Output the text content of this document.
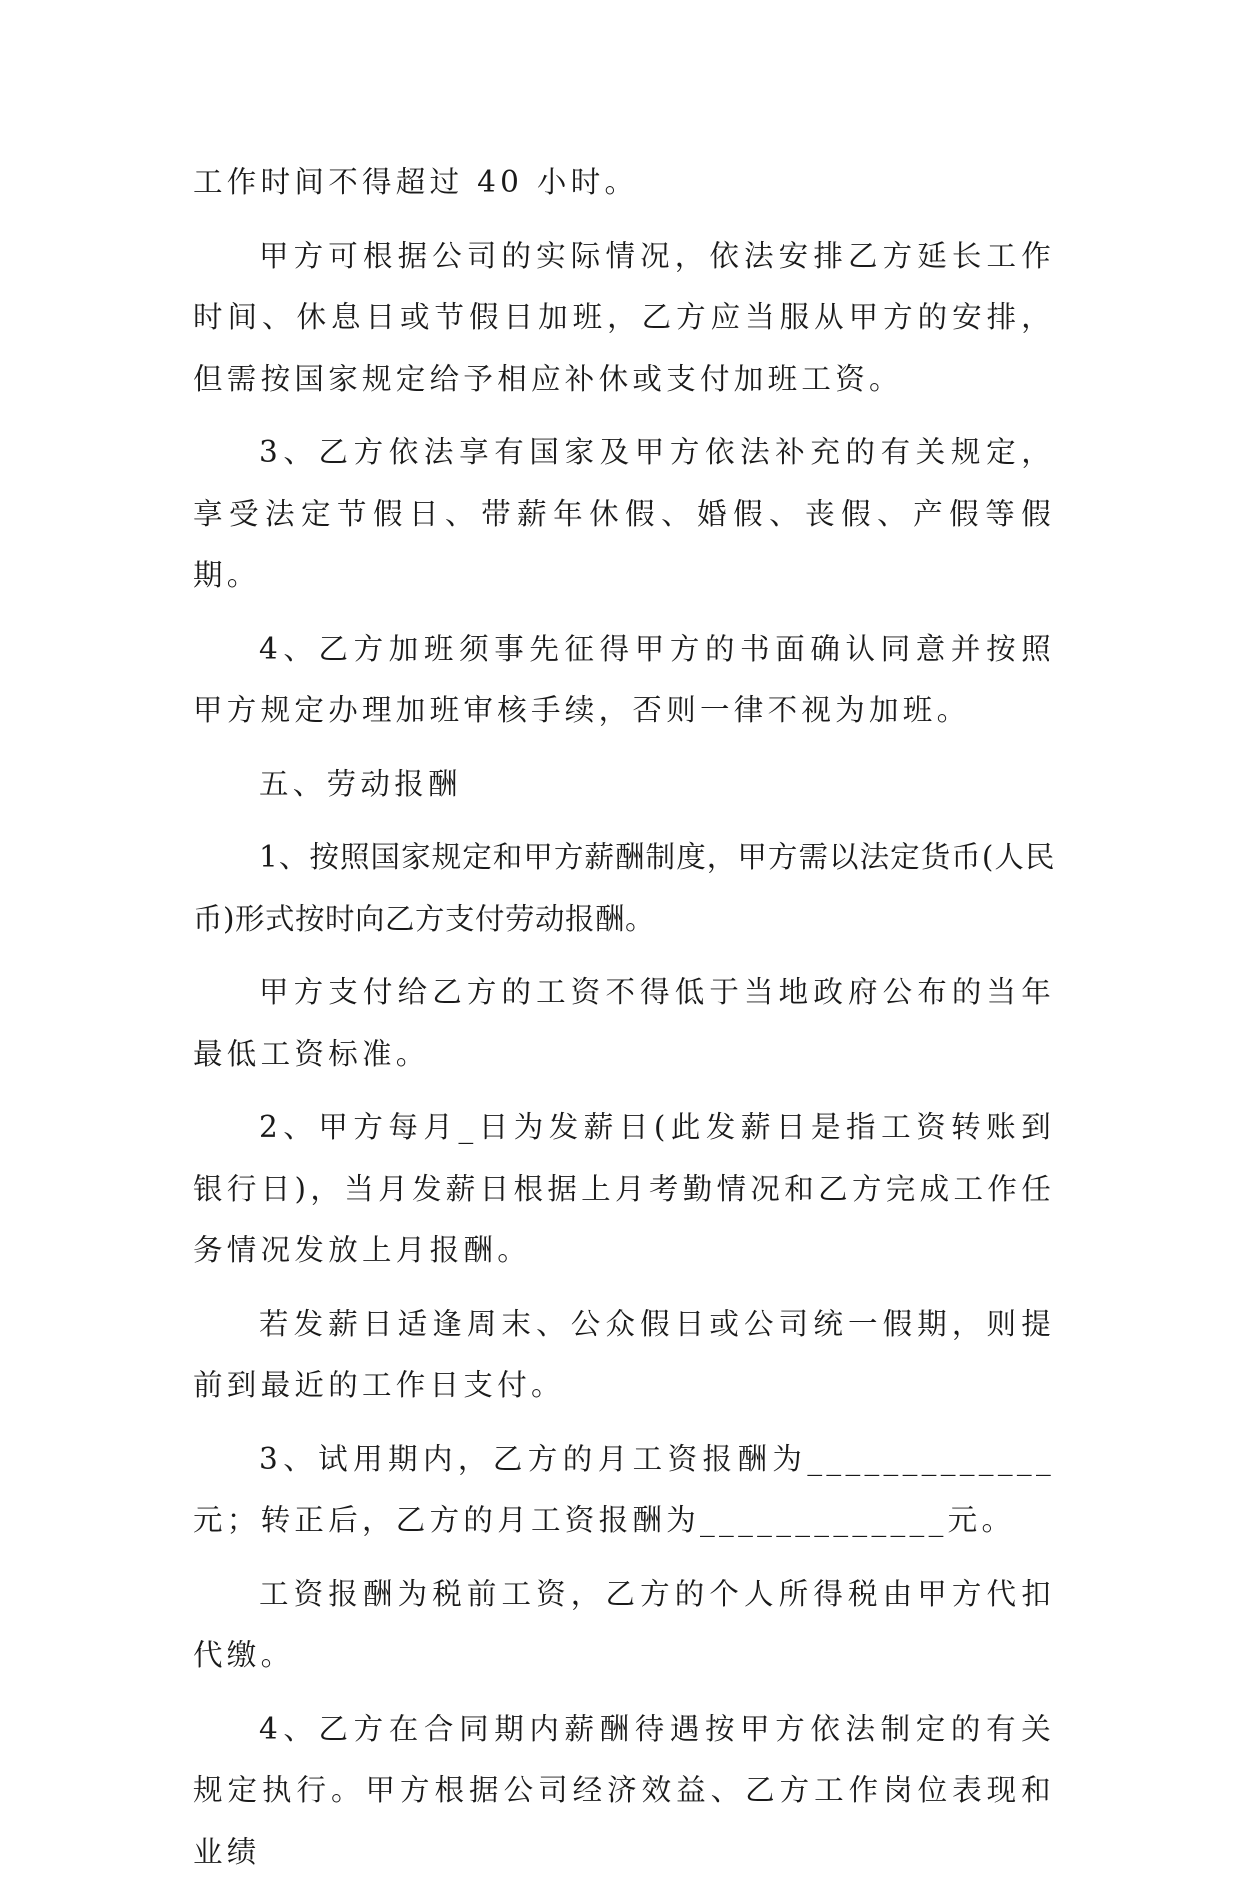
工作时间不得超过 40 小时。

甲方可根据公司的实际情况，依法安排乙方延长工作时间、休息日或节假日加班，乙方应当服从甲方的安排，但需按国家规定给予相应补休或支付加班工资。

3、乙方依法享有国家及甲方依法补充的有关规定，享受法定节假日、带薪年休假、婚假、丧假、产假等假期。

4、乙方加班须事先征得甲方的书面确认同意并按照甲方规定办理加班审核手续，否则一律不视为加班。

五、劳动报酬

1、按照国家规定和甲方薪酬制度，甲方需以法定货币(人民币)形式按时向乙方支付劳动报酬。

甲方支付给乙方的工资不得低于当地政府公布的当年最低工资标准。

2、甲方每月_日为发薪日(此发薪日是指工资转账到银行日)，当月发薪日根据上月考勤情况和乙方完成工作任务情况发放上月报酬。

若发薪日适逢周末、公众假日或公司统一假期，则提前到最近的工作日支付。

3、试用期内，乙方的月工资报酬为_____________元；转正后，乙方的月工资报酬为_____________元。

工资报酬为税前工资，乙方的个人所得税由甲方代扣代缴。

4、乙方在合同期内薪酬待遇按甲方依法制定的有关规定执行。甲方根据公司经济效益、乙方工作岗位表现和业绩
